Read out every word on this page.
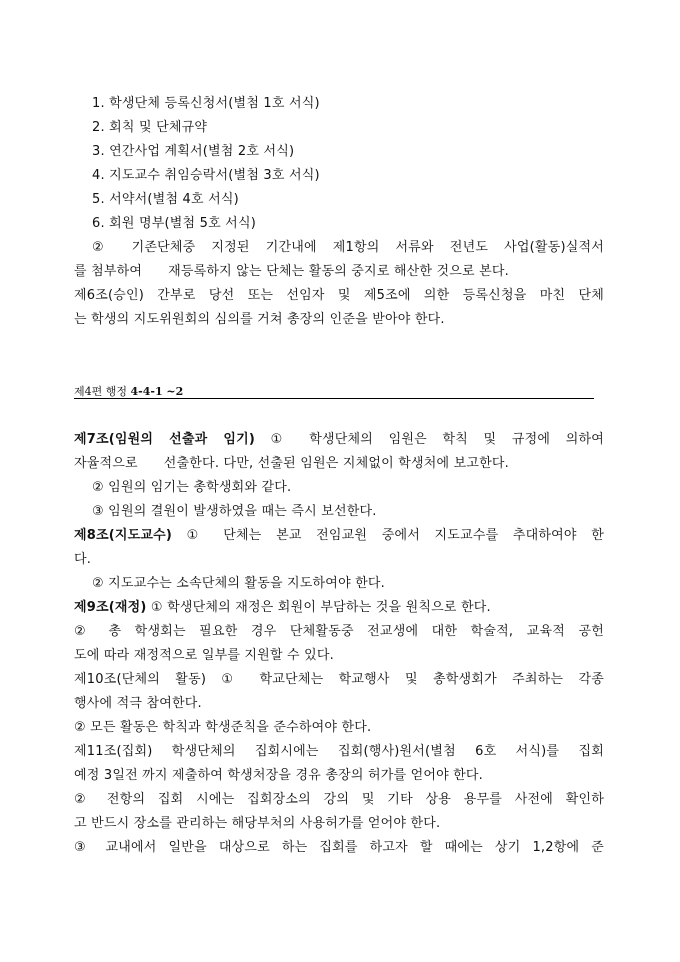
1. 학생단체 등록신청서(별첨 1호 서식)
2. 회칙 및 단체규약
3. 연간사업 계획서(별첨 2호 서식)
4. 지도교수 취임승락서(별첨 3호 서식)
5. 서약서(별첨 4호 서식)
6. 회원 명부(별첨 5호 서식)
② 기존단체중 지정된 기간내에 제1항의 서류와 전년도 사업(활동)실적서
를 첨부하여      재등록하지 않는 단체는 활동의 중지로 해산한 것으로 본다.
제6조(승인) 간부로 당선 또는 선임자 및 제5조에 의한 등록신청을 마친 단체
는 학생의 지도위원회의 심의를 거쳐 총장의 인준을 받아야 한다.
제4편 행정 4-4-1 ~2
제7조(임원의 선출과 임기) ① 학생단체의 임원은 학칙 및 규정에 의하여
자율적으로      선출한다. 다만, 선출된 임원은 지체없이 학생처에 보고한다.
② 임원의 임기는 총학생회와 같다.
③ 임원의 결원이 발생하였을 때는 즉시 보선한다.
제8조(지도교수) ① 단체는 본교 전임교원 중에서 지도교수를 추대하여야 한
다.
② 지도교수는 소속단체의 활동을 지도하여야 한다.
제9조(재정) ① 학생단체의 재정은 회원이 부담하는 것을 원칙으로 한다.
② 총 학생회는 필요한 경우 단체활동중 전교생에 대한 학술적, 교육적 공헌
도에 따라 재정적으로 일부를 지원할 수 있다.
제10조(단체의 활동) ① 학교단체는 학교행사 및 총학생회가 주최하는 각종
행사에 적극 참여한다.
② 모든 활동은 학칙과 학생준칙을 준수하여야 한다.
제11조(집회) 학생단체의 집회시에는 집회(행사)원서(별첨 6호 서식)를 집회
예정 3일전 까지 제출하여 학생처장을 경유 총장의 허가를 얻어야 한다.
② 전항의 집회 시에는 집회장소의 강의 및 기타 상용 용무를 사전에 확인하
고 반드시 장소를 관리하는 해당부처의 사용허가를 얻어야 한다.
③ 교내에서 일반을 대상으로 하는 집회를 하고자 할 때에는 상기 1,2항에 준
